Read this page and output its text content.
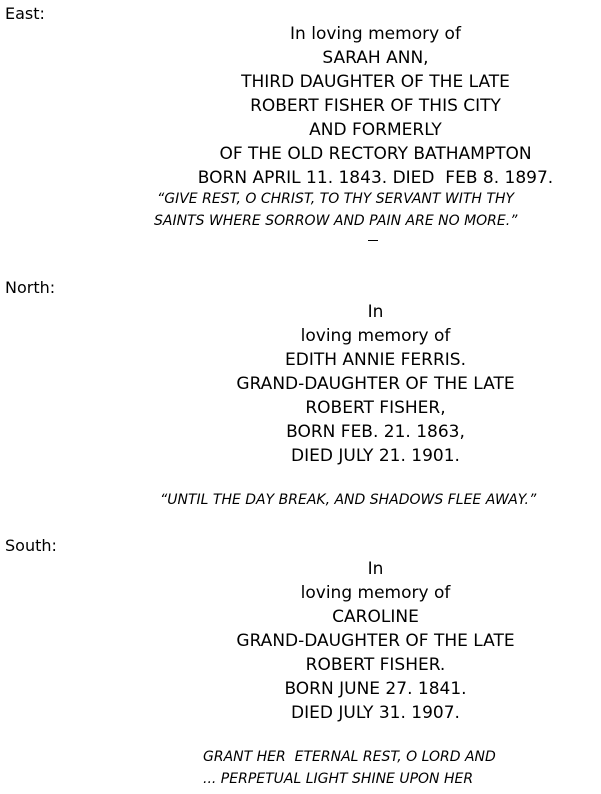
East:
In loving memory of
SARAH ANN,
THIRD DAUGHTER OF THE LATE
ROBERT FISHER OF THIS CITY
AND FORMERLY
OF THE OLD RECTORY BATHAMPTON
BORN APRIL 11. 1843. DIED  FEB 8. 1897.
“GIVE REST, O CHRIST, TO THY SERVANT WITH THY
SAINTS WHERE SORROW AND PAIN ARE NO MORE.”
North:
In
loving memory of
EDITH ANNIE FERRIS.
GRAND-DAUGHTER OF THE LATE
ROBERT FISHER,
BORN FEB. 21. 1863,
DIED JULY 21. 1901.
“UNTIL THE DAY BREAK, AND SHADOWS FLEE AWAY.”
South:
In
loving memory of
CAROLINE
GRAND-DAUGHTER OF THE LATE
ROBERT FISHER.
BORN JUNE 27. 1841.
DIED JULY 31. 1907.
GRANT HER  ETERNAL REST, O LORD AND
... PERPETUAL LIGHT SHINE UPON HER
